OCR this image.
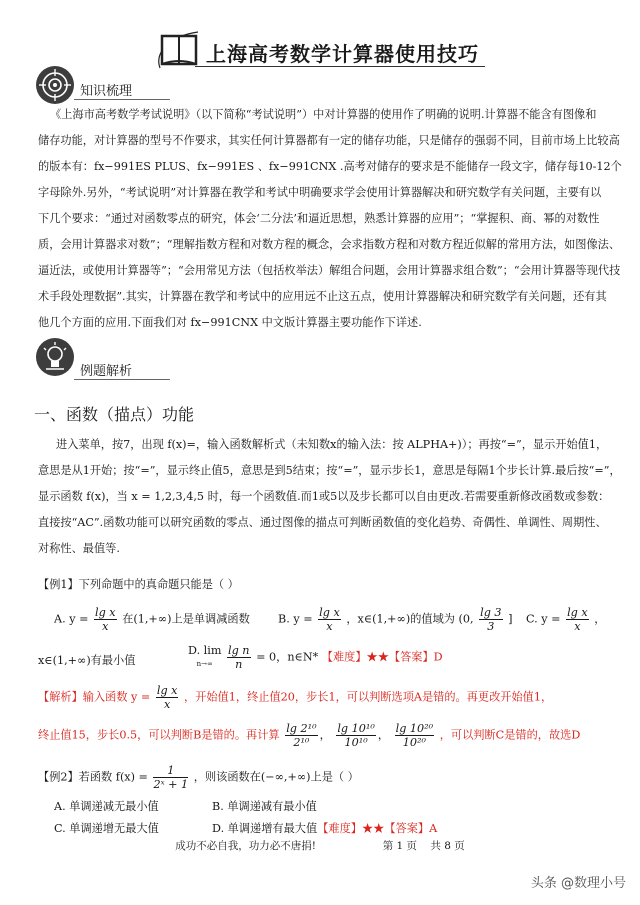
上海高考数学计算器使用技巧
知识梳理

《上海市高考数学考试说明》（以下简称“考试说明”）中对计算器的使用作了明确的说明.计算器不能含有图像和

储存功能，对计算器的型号不作要求，其实任何计算器都有一定的储存功能，只是储存的强弱不同，目前市场上比较高

的版本有：fx−991ES PLUS、fx−991ES 、fx−991CNX .高考对储存的要求是不能储存一段文字，储存每10-12个

字母除外.另外，“考试说明”对计算器在教学和考试中明确要求学会使用计算器解决和研究数学有关问题，主要有以

下几个要求：“通过对函数零点的研究，体会‘二分法’和逼近思想，熟悉计算器的应用”；“掌握积、商、幂的对数性

质，会用计算器求对数”；“理解指数方程和对数方程的概念，会求指数方程和对数方程近似解的常用方法，如图像法、

逼近法，或使用计算器等”；“会用常见方法（包括枚举法）解组合问题，会用计算器求组合数”；“会用计算器等现代技

术手段处理数据”.其实，计算器在教学和考试中的应用远不止这五点，使用计算器解决和研究数学有关问题，还有其

他几个方面的应用.下面我们对 fx−991CNX 中文版计算器主要功能作下详述.

例题解析
一、函数（描点）功能

进入菜单，按7，出现 f(x)=，输入函数解析式（未知数x的输入法：按 ALPHA+)）；再按“=”，显示开始值1，

意思是从1开始；按“=”，显示终止值5，意思是到5结束；按“=”，显示步长1，意思是每隔1个步长计算.最后按“=”，

显示函数 f(x)，当 x = 1,2,3,4,5 时，每一个函数值.而1或5以及步长都可以自由更改.若需要重新修改函数或参数：

直接按“AC”.函数功能可以研究函数的零点、通过图像的描点可判断函数值的变化趋势、奇偶性、单调性、周期性、

对称性、最值等.

【例1】下列命题中的真命题只能是（ ）
A. $y = \frac{\text{lg x}}{x}$ 在(1,+∞)上是单调减函数	B. $y = \frac{\text{lg x}}{x}$ ，x∈(1,+∞)的值域为 (0, $\frac{\lg 3}{3}$ ] C. $y = \frac{\text{lg x}}{x}$ ，
x∈(1,+∞)有最小值
D. lim
$n\to\infty \frac{\text{lg n}}{n} = 0$，n∈N* 【难度】★★【答案】D
【解析】输入函数 $y = \frac{\text{lg x}}{x}$ ，开始值1，终止值20，步长1，可以判断选项A是错的。再更改开始值1，
终止值15，步长0.5，可以判断B是错的。再计算 $\frac{\text{lg 2¹⁰}}{\text{2¹⁰}}$ ， $\frac{\text{lg 10¹⁰}}{\text{10¹⁰}}$ ， $\frac{\text{lg 10²⁰}}{\text{10²⁰}}$ ，可以判断C是错的，故选D
【例2】若函数 $f(x) = \frac{1}{\text{2ˣ + 1}}$ ，则该函数在(−∞,+∞)上是（ ）
A. 单调递减无最小值	B. 单调递减有最小值
C. 单调递增无最大值	D. 单调递增有最大值【难度】★★【答案】A
成功不必自我，功力必不唐捐!                    第 1 页    共 8 页
头条 @数理小号
